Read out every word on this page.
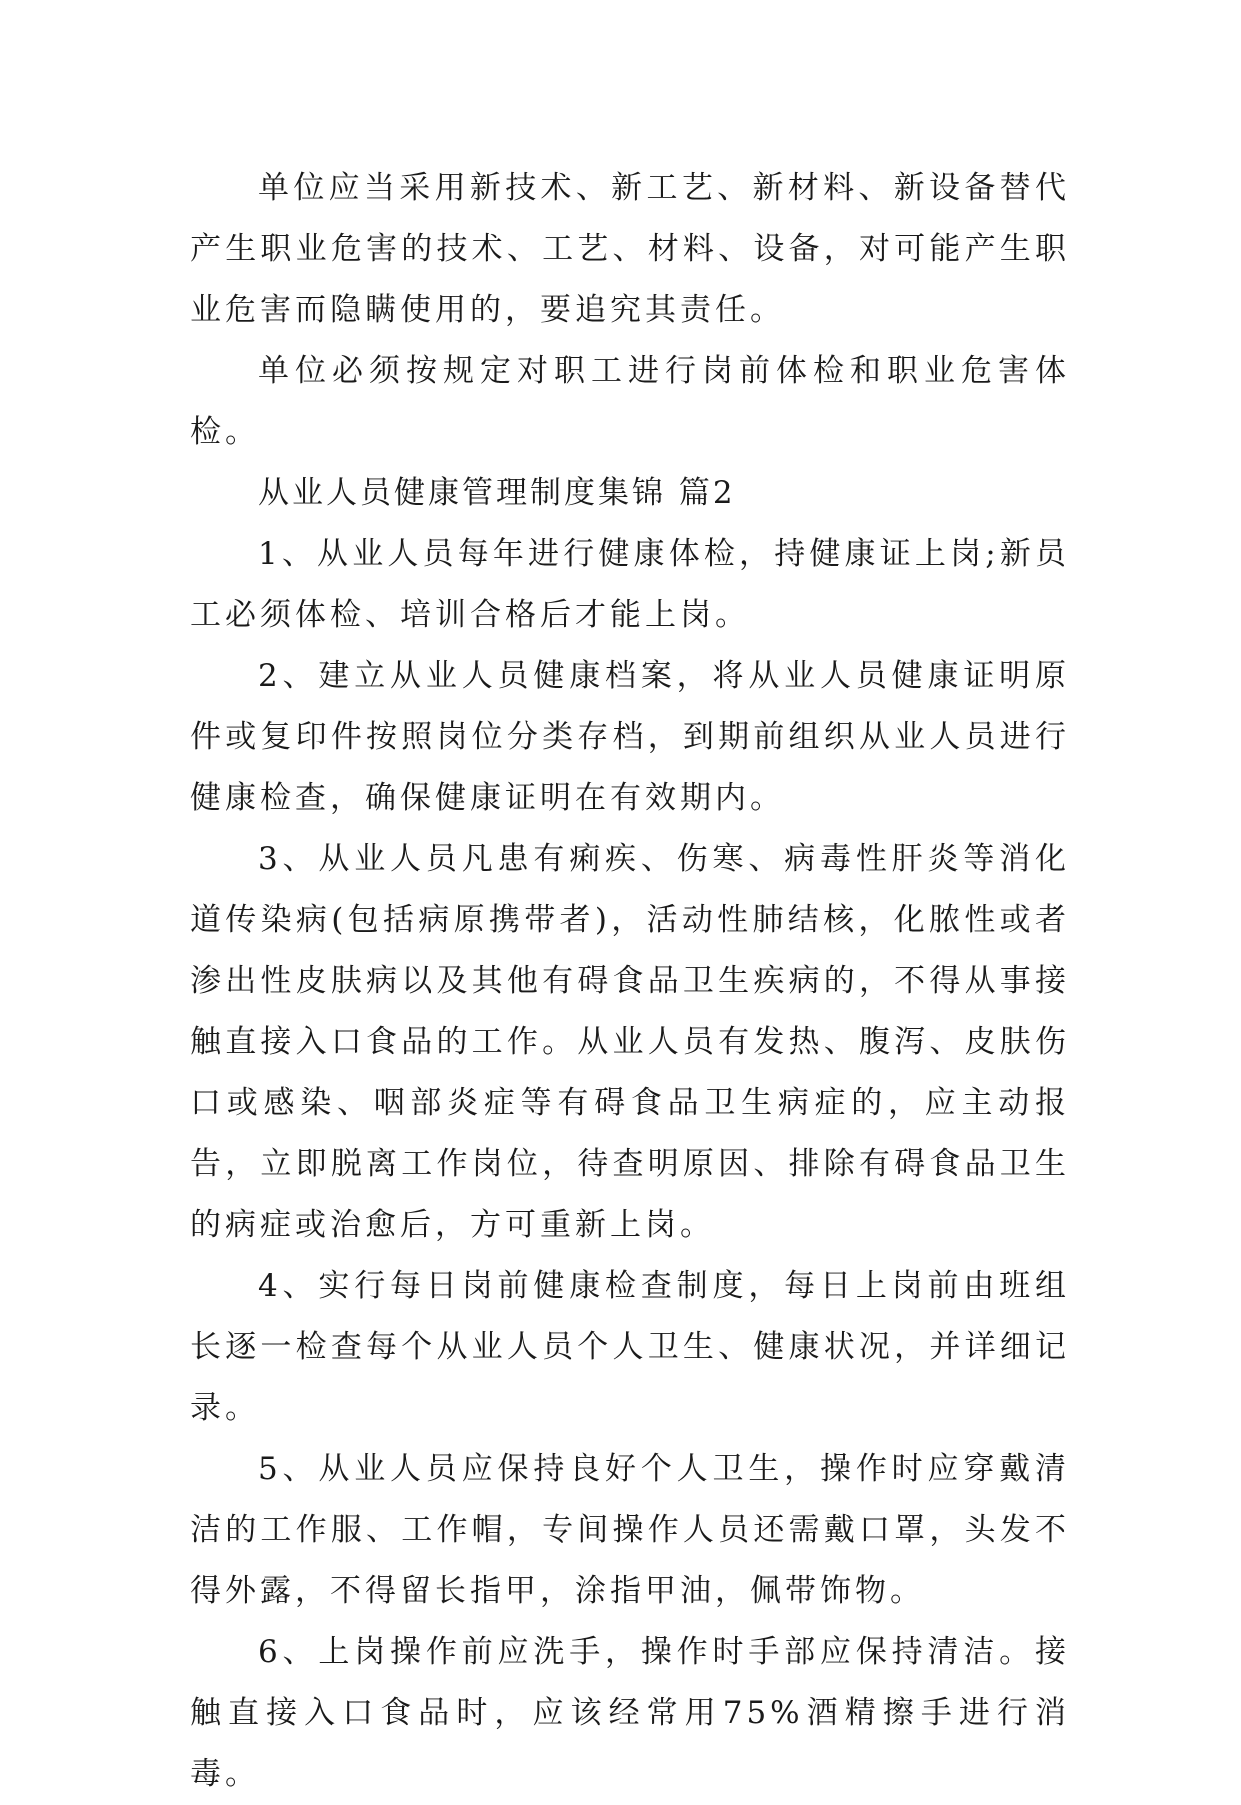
单位应当采用新技术、新工艺、新材料、新设备替代产生职业危害的技术、工艺、材料、设备，对可能产生职业危害而隐瞒使用的，要追究其责任。

单位必须按规定对职工进行岗前体检和职业危害体检。

从业人员健康管理制度集锦 篇2

1、从业人员每年进行健康体检，持健康证上岗;新员工必须体检、培训合格后才能上岗。

2、建立从业人员健康档案，将从业人员健康证明原件或复印件按照岗位分类存档，到期前组织从业人员进行健康检查，确保健康证明在有效期内。

3、从业人员凡患有痢疾、伤寒、病毒性肝炎等消化道传染病(包括病原携带者)，活动性肺结核，化脓性或者渗出性皮肤病以及其他有碍食品卫生疾病的，不得从事接触直接入口食品的工作。从业人员有发热、腹泻、皮肤伤口或感染、咽部炎症等有碍食品卫生病症的，应主动报告，立即脱离工作岗位，待查明原因、排除有碍食品卫生的病症或治愈后，方可重新上岗。

4、实行每日岗前健康检查制度，每日上岗前由班组长逐一检查每个从业人员个人卫生、健康状况，并详细记录。

5、从业人员应保持良好个人卫生，操作时应穿戴清洁的工作服、工作帽，专间操作人员还需戴口罩，头发不得外露，不得留长指甲，涂指甲油，佩带饰物。

6、上岗操作前应洗手，操作时手部应保持清洁。接触直接入口食品时，应该经常用75%酒精擦手进行消毒。
